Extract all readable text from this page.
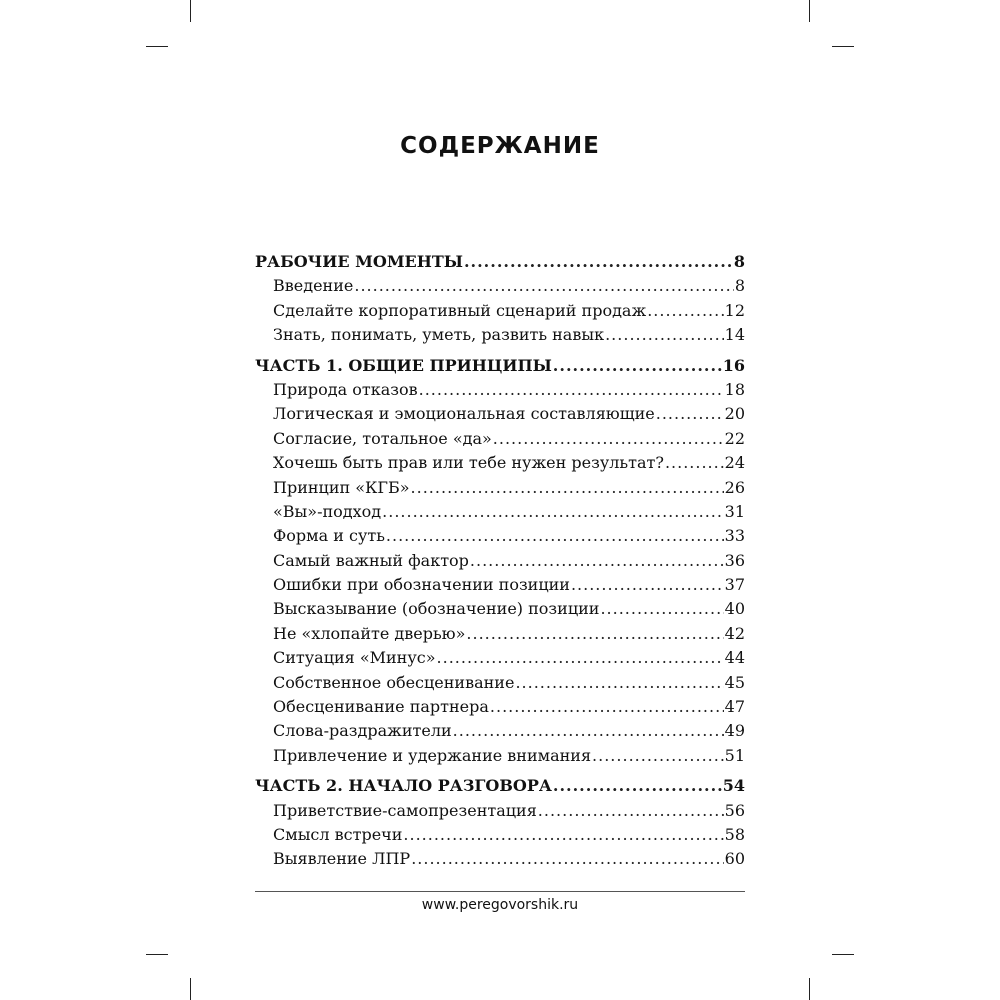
СОДЕРЖАНИЕ
РАБОЧИЕ МОМЕНТЫ .....	8
Введение .....	8
Сделайте корпоративный сценарий продаж .....	12
Знать, понимать, уметь, развить навык .....	14
ЧАСТЬ 1. ОБЩИЕ ПРИНЦИПЫ .....	16
Природа отказов .....	18
Логическая и эмоциональная составляющие .....	20
Согласие, тотальное «да» .....	22
Хочешь быть прав или тебе нужен результат? .....	24
Принцип «КГБ» .....	26
«Вы»-подход .....	31
Форма и суть .....	33
Самый важный фактор .....	36
Ошибки при обозначении позиции .....	37
Высказывание (обозначение) позиции .....	40
Не «хлопайте дверью» .....	42
Ситуация «Минус» .....	44
Собственное обесценивание .....	45
Обесценивание партнера .....	47
Слова-раздражители .....	49
Привлечение и удержание внимания .....	51
ЧАСТЬ 2. НАЧАЛО РАЗГОВОРА .....	54
Приветствие-самопрезентация .....	56
Смысл встречи .....	58
Выявление ЛПР .....	60
www.peregovorshik.ru
